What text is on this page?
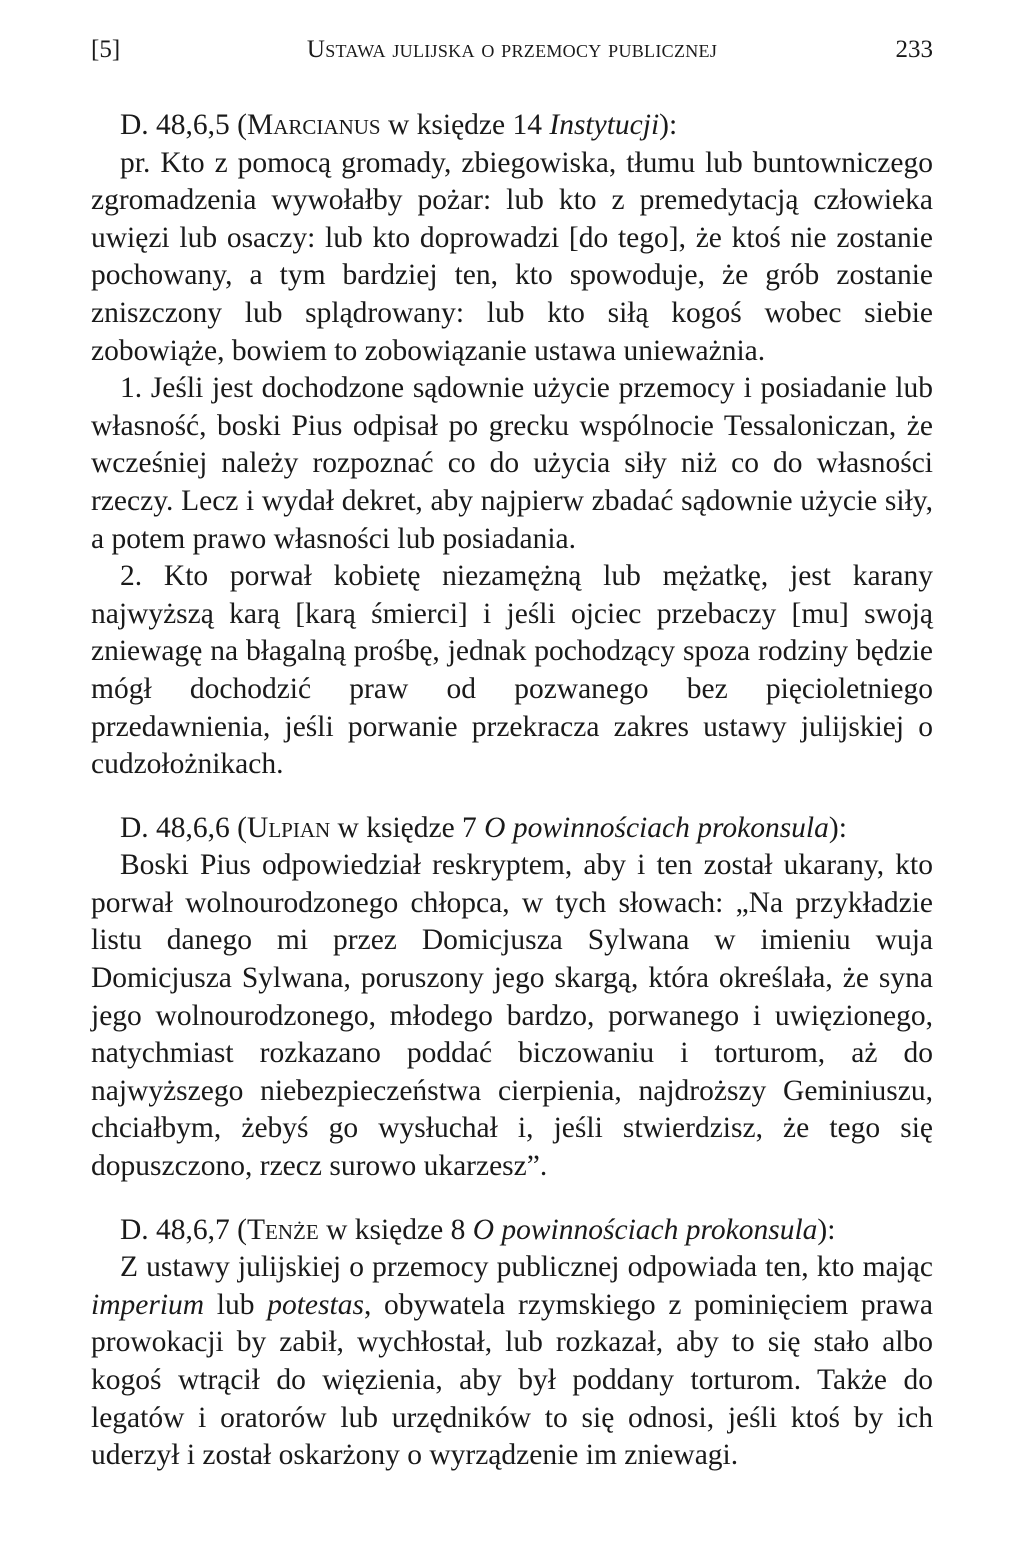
[5]	Ustawa julijska o przemocy publicznej	233

D. 48,6,5 (Marcianus w księdze 14 Instytucji):

pr. Kto z pomocą gromady, zbiegowiska, tłumu lub buntowniczego zgromadzenia wywołałby pożar: lub kto z premedytacją człowieka uwięzi lub osaczy: lub kto doprowadzi [do tego], że ktoś nie zostanie pochowany, a tym bardziej ten, kto spowoduje, że grób zostanie zniszczony lub splądrowany: lub kto siłą kogoś wobec siebie zobowiąże, bowiem to zobowiązanie ustawa unieważnia.

1. Jeśli jest dochodzone sądownie użycie przemocy i posiadanie lub własność, boski Pius odpisał po grecku wspólnocie Tessaloniczan, że wcześniej należy rozpoznać co do użycia siły niż co do własności rzeczy. Lecz i wydał dekret, aby najpierw zbadać sądownie użycie siły, a potem prawo własności lub posiadania.

2. Kto porwał kobietę niezamężną lub mężatkę, jest karany najwyższą karą [karą śmierci] i jeśli ojciec przebaczy [mu] swoją zniewagę na błagalną prośbę, jednak pochodzący spoza rodziny będzie mógł dochodzić praw od pozwanego bez pięcioletniego przedawnienia, jeśli porwanie przekracza zakres ustawy julijskiej o cudzołożnikach.

D. 48,6,6 (Ulpian w księdze 7 O powinnościach prokonsula):

Boski Pius odpowiedział reskryptem, aby i ten został ukarany, kto porwał wolnourodzonego chłopca, w tych słowach: „Na przykładzie listu danego mi przez Domicjusza Sylwana w imieniu wuja Domicjusza Sylwana, poruszony jego skargą, która określała, że syna jego wolnourodzonego, młodego bardzo, porwanego i uwięzionego, natychmiast rozkazano poddać biczowaniu i torturom, aż do najwyższego niebezpieczeństwa cierpienia, najdroższy Geminiuszu, chciałbym, żebyś go wysłuchał i, jeśli stwierdzisz, że tego się dopuszczono, rzecz surowo ukarzesz”.

D. 48,6,7 (Tenże w księdze 8 O powinnościach prokonsula):

Z ustawy julijskiej o przemocy publicznej odpowiada ten, kto mając imperium lub potestas, obywatela rzymskiego z pominięciem prawa prowokacji by zabił, wychłostał, lub rozkazał, aby to się stało albo kogoś wtrącił do więzienia, aby był poddany torturom. Także do legatów i oratorów lub urzędników to się odnosi, jeśli ktoś by ich uderzył i został oskarżony o wyrządzenie im zniewagi.
